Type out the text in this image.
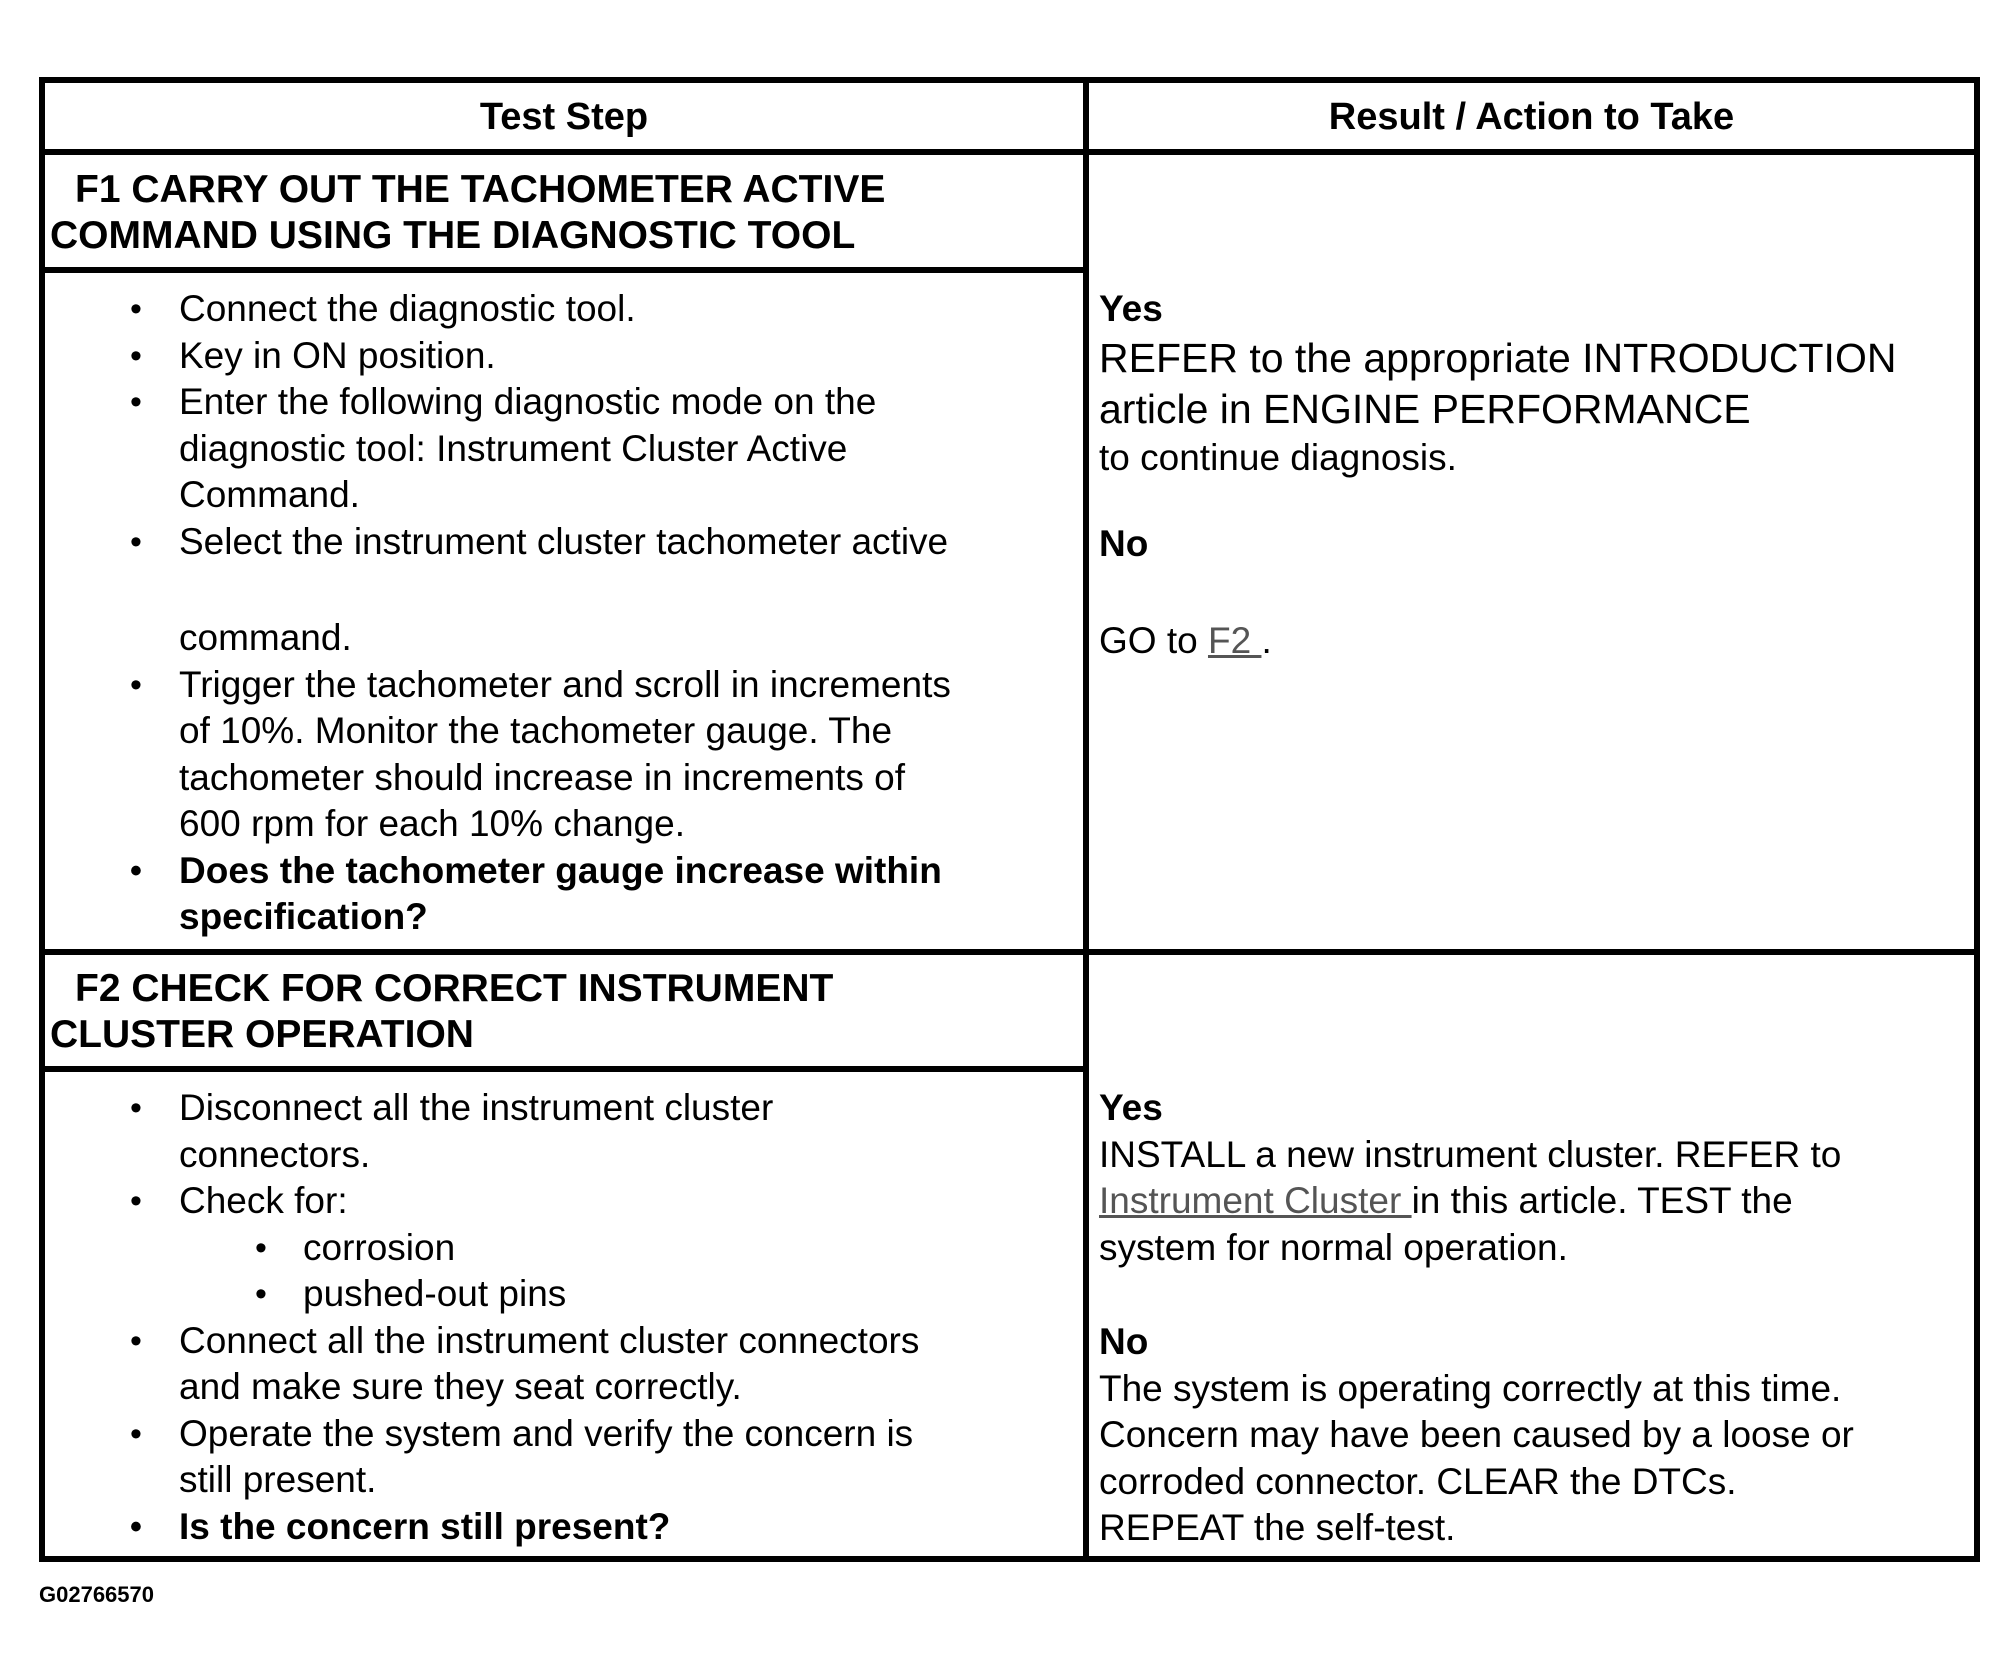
Test Step	Result / Action to Take
F1 CARRY OUT THE TACHOMETER ACTIVE
COMMAND USING THE DIAGNOSTIC TOOL
• Connect the diagnostic tool.
• Key in ON position.
• Enter the following diagnostic mode on the
diagnostic tool: Instrument Cluster Active
Command.
• Select the instrument cluster tachometer active
command.
• Trigger the tachometer and scroll in increments
of 10%. Monitor the tachometer gauge. The
tachometer should increase in increments of
600 rpm for each 10% change.
• Does the tachometer gauge increase within
specification?
Yes
REFER to the appropriate INTRODUCTION
article in ENGINE PERFORMANCE
to continue diagnosis.
No
GO to F2 .
F2 CHECK FOR CORRECT INSTRUMENT
CLUSTER OPERATION
• Disconnect all the instrument cluster
connectors.
• Check for:
• corrosion
• pushed-out pins
• Connect all the instrument cluster connectors
and make sure they seat correctly.
• Operate the system and verify the concern is
still present.
• Is the concern still present?
Yes
INSTALL a new instrument cluster. REFER to
Instrument Cluster in this article. TEST the
system for normal operation.
No
The system is operating correctly at this time.
Concern may have been caused by a loose or
corroded connector. CLEAR the DTCs.
REPEAT the self-test.
G02766570
